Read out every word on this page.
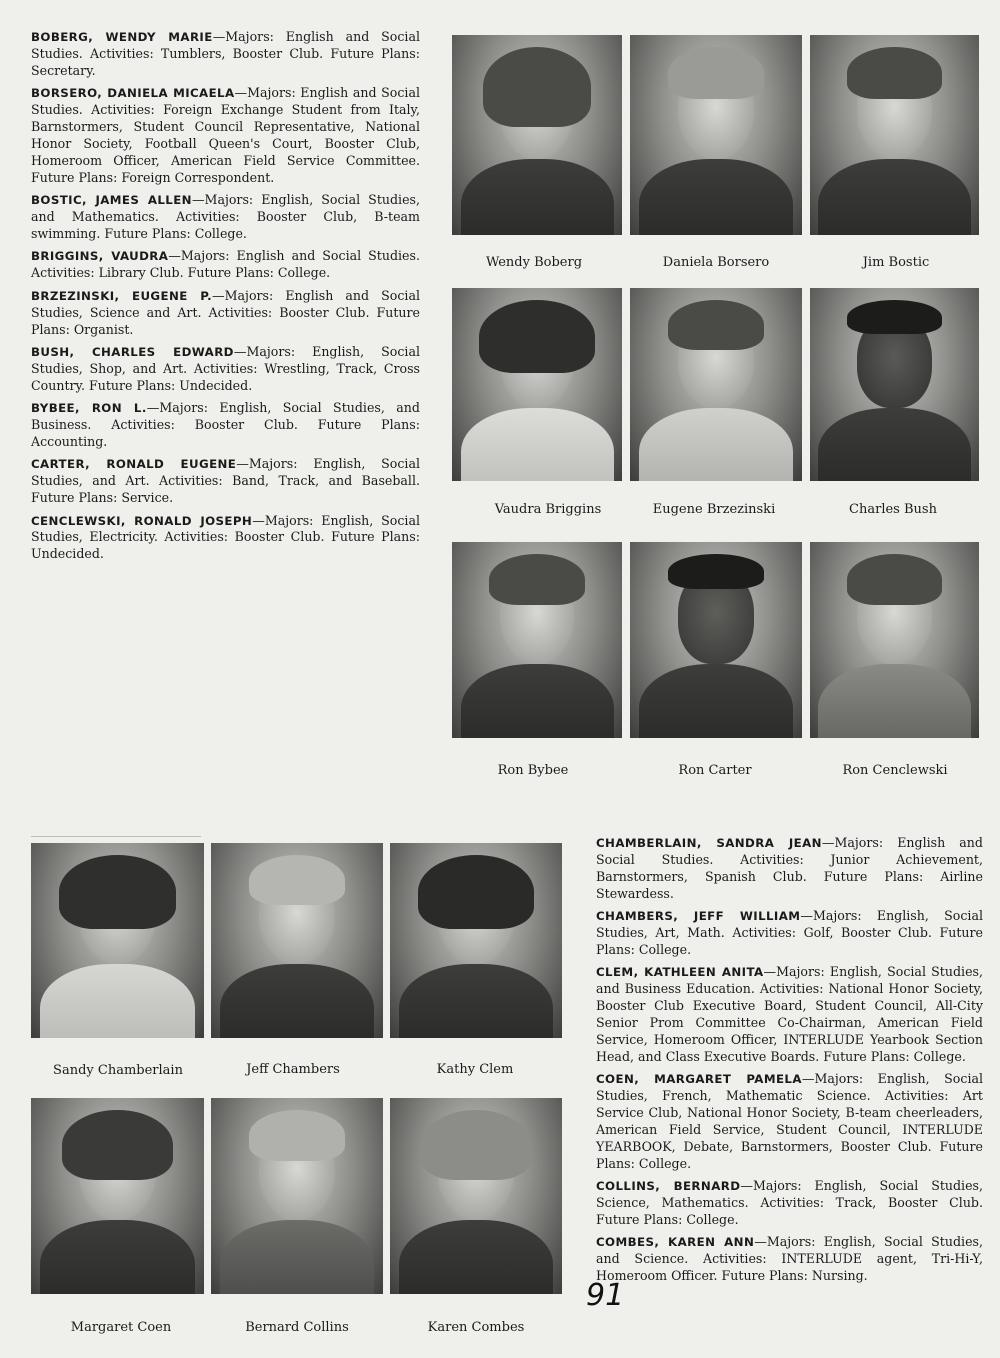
BOBERG, WENDY MARIE—Majors: English and Social Studies. Activities: Tumblers, Booster Club. Future Plans: Secretary.

BORSERO, DANIELA MICAELA—Majors: English and Social Studies. Activities: Foreign Exchange Student from Italy, Barnstormers, Student Council Representative, National Honor Society, Football Queen's Court, Booster Club, Homeroom Officer, American Field Service Committee. Future Plans: Foreign Correspondent.

BOSTIC, JAMES ALLEN—Majors: English, Social Studies, and Mathematics. Activities: Booster Club, B-team swimming. Future Plans: College.

BRIGGINS, VAUDRA—Majors: English and Social Studies. Activities: Library Club. Future Plans: College.

BRZEZINSKI, EUGENE P.—Majors: English and Social Studies, Science and Art. Activities: Booster Club. Future Plans: Organist.

BUSH, CHARLES EDWARD—Majors: English, Social Studies, Shop, and Art. Activities: Wrestling, Track, Cross Country. Future Plans: Undecided.

BYBEE, RON L.—Majors: English, Social Studies, and Business. Activities: Booster Club. Future Plans: Accounting.

CARTER, RONALD EUGENE—Majors: English, Social Studies, and Art. Activities: Band, Track, and Baseball. Future Plans: Service.

CENCLEWSKI, RONALD JOSEPH—Majors: English, Social Studies, Electricity. Activities: Booster Club. Future Plans: Undecided.

Wendy Boberg	Daniela Borsero	Jim Bostic
Vaudra Briggins	Eugene Brzezinski	Charles Bush
Ron Bybee	Ron Carter	Ron Cenclewski
Sandy Chamberlain	Jeff Chambers	Kathy Clem
Margaret Coen	Bernard Collins	Karen Combes

CHAMBERLAIN, SANDRA JEAN—Majors: English and Social Studies. Activities: Junior Achievement, Barnstormers, Spanish Club. Future Plans: Airline Stewardess.

CHAMBERS, JEFF WILLIAM—Majors: English, Social Studies, Art, Math. Activities: Golf, Booster Club. Future Plans: College.

CLEM, KATHLEEN ANITA—Majors: English, Social Studies, and Business Education. Activities: National Honor Society, Booster Club Executive Board, Student Council, All-City Senior Prom Committee Co-Chairman, American Field Service, Homeroom Officer, INTERLUDE Yearbook Section Head, and Class Executive Boards. Future Plans: College.

COEN, MARGARET PAMELA—Majors: English, Social Studies, French, Mathematic Science. Activities: Art Service Club, National Honor Society, B-team cheerleaders, American Field Service, Student Council, INTERLUDE YEARBOOK, Debate, Barnstormers, Booster Club. Future Plans: College.

COLLINS, BERNARD—Majors: English, Social Studies, Science, Mathematics. Activities: Track, Booster Club. Future Plans: College.

COMBES, KAREN ANN—Majors: English, Social Studies, and Science. Activities: INTERLUDE agent, Tri-Hi-Y, Homeroom Officer. Future Plans: Nursing.

91
